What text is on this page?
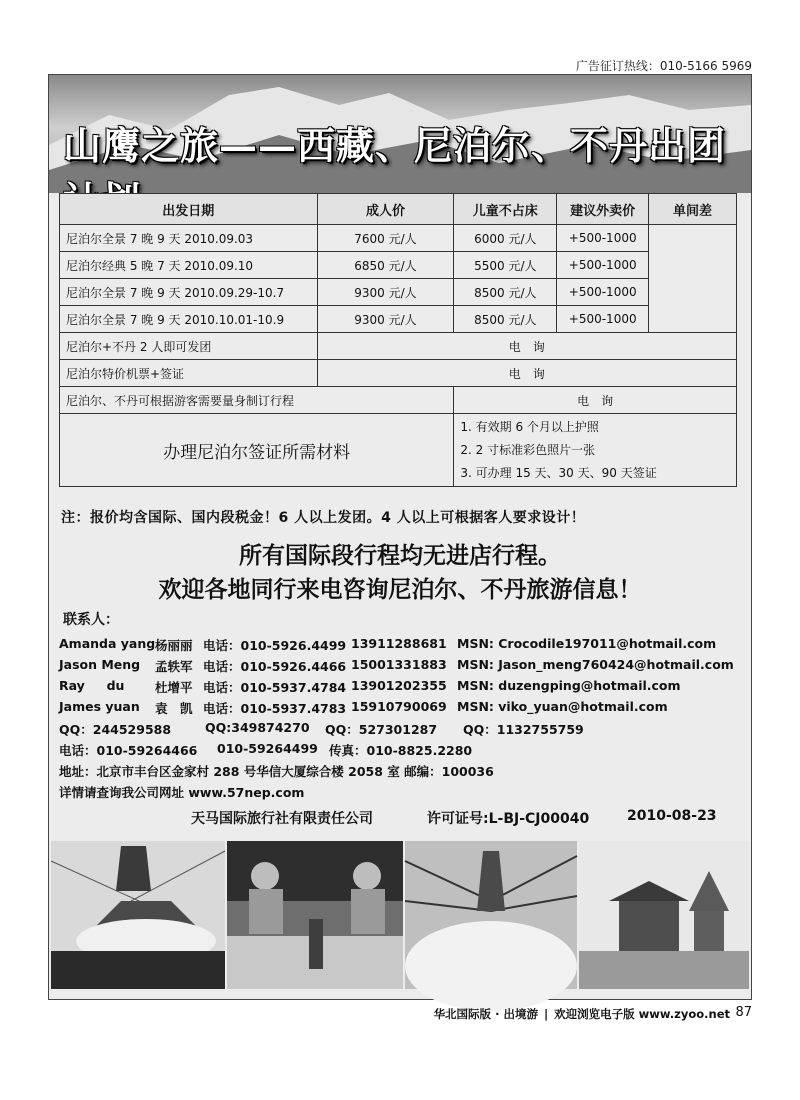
广告征订热线：010-5166 5969
山鹰之旅——西藏、尼泊尔、不丹出团
出发日期	成人价	儿童不占床	建议外卖价	单间差
尼泊尔全景 7 晚 9 天 2010.09.03	7600 元/人	6000 元/人	+500-1000	
尼泊尔经典 5 晚 7 天 2010.09.10	6850 元/人	5500 元/人	+500-1000	
尼泊尔全景 7 晚 9 天 2010.09.29-10.7	9300 元/人	8500 元/人	+500-1000	
尼泊尔全景 7 晚 9 天 2010.10.01-10.9	9300 元/人	8500 元/人	+500-1000	
尼泊尔+不丹 2 人即可发团	电　询			
尼泊尔特价机票+签证	电　询			
尼泊尔、不丹可根据游客需要量身制订行程		电　询		
办理尼泊尔签证所需材料		1. 有效期 6 个月以上护照
2. 2 寸标准彩色照片一张
3. 可办理 15 天、30 天、90 天签证		
注：报价均含国际、国内段税金！6 人以上发团。4 人以上可根据客人要求设计！
所有国际段行程均无进店行程。
欢迎各地同行来电咨询尼泊尔、不丹旅游信息！
联系人：
Amanda yang 杨丽丽 电话：010-5926.4499 13911288681 MSN: Crocodile197011@hotmail.com
Jason Meng 孟轶军 电话：010-5926.4466 15001331883 MSN: Jason_meng760424@hotmail.com
Ray     du 杜增平 电话：010-5937.4784 13901202355 MSN: duzengping@hotmail.com
James yuan 袁　凯 电话：010-5937.4783 15910790069 MSN: viko_yuan@hotmail.com
QQ：244529588	QQ:349874270 QQ：527301287 QQ：1132755759
电话：010-59264466 010-59264499 传真：010-8825.2280
地址：北京市丰台区金家村 288 号华信大厦综合楼 2058 室 邮编：100036
详情请查询我公司网址 www.57nep.com
天马国际旅行社有限责任公司	许可证号:L-BJ-CJ00040	2010-08-23
华北国际版 · 出境游 | 欢迎浏览电子版 www.zyoo.net 87
